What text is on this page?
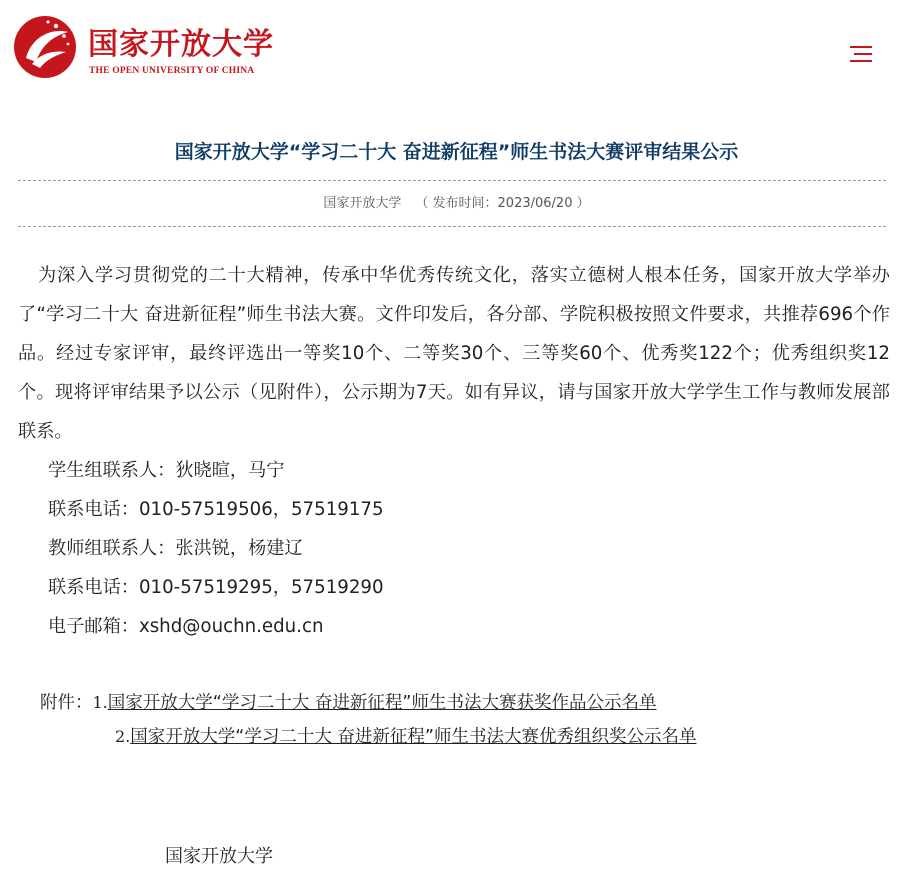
国家开放大学
THE OPEN UNIVERSITY OF CHINA
国家开放大学“学习二十大 奋进新征程”师生书法大赛评审结果公示
国家开放大学 （ 发布时间：2023/06/20 ）

为深入学习贯彻党的二十大精神，传承中华优秀传统文化，落实立德树人根本任务，国家开放大学举办了“学习二十大 奋进新征程”师生书法大赛。文件印发后，各分部、学院积极按照文件要求，共推荐696个作品。经过专家评审，最终评选出一等奖10个、二等奖30个、三等奖60个、优秀奖122个；优秀组织奖12个。现将评审结果予以公示（见附件），公示期为7天。如有异议，请与国家开放大学学生工作与教师发展部联系。

学生组联系人：狄晓暄，马宁

联系电话：010-57519506，57519175

教师组联系人：张洪锐，杨建辽

联系电话：010-57519295，57519290

电子邮箱：xshd@ouchn.edu.cn

附件：1.国家开放大学“学习二十大 奋进新征程”师生书法大赛获奖作品公示名单
2.国家开放大学“学习二十大 奋进新征程”师生书法大赛优秀组织奖公示名单
国家开放大学
